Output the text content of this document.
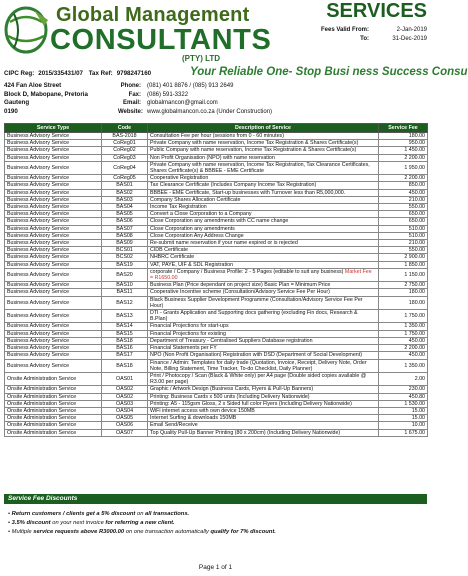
Global Management
CONSULTANTS
(PTY) LTD
SERVICES
Fees Valid From:	2-Jan-2019
To:	31-Dec-2019
CIPC Reg: 2015/335431/07 Tax Ref: 9798247160	Your Reliable One- Stop Busi ness Success Consu
424 Fan Aloe Street
Block D, Mabopane, Pretoria
Gauteng
0190
Phone: (081) 401 8876 / (085) 913 2649
Fax: (086) 591-3322
Email: globalmancon@gmail.com
Website: www.globalmancon.co.za (Under Construction)
Service Type	Code	Description of Service	Service Fee
Business Advisory Service	BAS-2018	Consultation Fee per hour (sessions from 0 - 60 minutes)	180.00
Business Advisory Service	CoReg01	Private Company with name reservation, Income Tax Registration & Shares Certificate(s)	950.00
Business Advisory Service	CoReg02	Public Company with name reservation, Income Tax Registration & Shares Certificate(s)	1 450.00
Business Advisory Service	CoReg03	Non Profit Organisation (NPO) with name reservation	2 200.00
Business Advisory Service	CoReg04	Private Company with name reservation, Income Tax Registration, Tax Clearance Certificates, Shares Certificate(s) & BBBEE - EME Certificate	1 950.00
Business Advisory Service	CoReg05	Cooperative Registration	2 200.00
Business Advisory Service	BAS01	Tax Clearance Certificate (Includes Company Income Tax Registration)	850.00
Business Advisory Service	BAS02	BBBEE - EME Certificate, Start-up businesses with Turnover less than R5,000,000.	450.00
Business Advisory Service	BAS03	Company Shares Allocation Certificate	210.00
Business Advisory Service	BAS04	Income Tax Registration	550.00
Business Advisory Service	BAS05	Convert a Close Corporation to a Company	650.00
Business Advisory Service	BAS06	Close Corporation any amendments with CC name change	650.00
Business Advisory Service	BAS07	Close Corporation any amendments	510.00
Business Advisory Service	BAS08	Close Corporation Any Address Change	510.00
Business Advisory Service	BAS09	Re-submit name reservation if your name expired or is rejected	210.00
Business Advisory Service	BCS01	CIDB Certificate	550.00
Business Advisory Service	BCS02	NHBRC Certificate	2 900.00
Business Advisory Service	BAS19	VAT, PAYE, UIF & SDL Registration	1 850.00
Business Advisory Service	BAS20	corporate / Company / Business Profile: 2 - 5 Pages (editable to suit any business) Market Fee = R1650.00	1 150.00
Business Advisory Service	BAS10	Business Plan (Price dependant on project size) Basic Plan = Minimum Price	2 750.00
Business Advisory Service	BAS11	Cooperative Incentive scheme (Consultation/Advisory Service Fee Per Hour)	180.00
Business Advisory Service	BAS12	Black Business Supplier Development Programme (Consultation/Advisory Service Fee Per Hour)	180.00
Business Advisory Service	BAS13	DTI - Grants Application and Supporting docs gathering (excluding Fin docs, Research & B.Plan)	1 750.00
Business Advisory Service	BAS14	Financial Projections for start-ups	1 350.00
Business Advisory Service	BAS15	Financial Projections for existing	1 750.00
Business Advisory Service	BAS18	Department of Treasury - Centralised Suppliers Database registration	450.00
Business Advisory Service	BAS16	Financial Statements per FY	2 200.00
Business Advisory Service	BAS17	NPO (Non Profit Organisation) Registration with DSD (Department of Social Development)	450.00
Business Advisory Service	BAS18	Finance / Admin: Templates for daily trade (Quotation, Invoice, Receipt, Delivery Note, Order Note, Billing Statement, Time Tracker, To-do Checklist, Daily Planner)	1 350.00
Onsite Administration Service	OAS01	Print / Photocopy / Scan (Black & White only) per A4 page (Double sided copies available @ R3.00 per page)	2.00
Onsite Administration Service	OAS02	Graphic / Artwork Design (Business Cards, Flyers & Pull-Up Banners)	230.00
Onsite Administration Service	OAS02	Printing: Business Cards x 500 units (Including Delivery Nationwide)	450.80
Onsite Administration Service	OAS03	Printing: A5 - 115gsm Gloss, 2 x Sided full color Flyers (Including Delivery Nationwide)	1 530.00
Onsite Administration Service	OAS04	WiFi internet access with own device 150MB	15.00
Onsite Administration Service	OAS05	Internet Surfing & downloads 150MB	15.00
Onsite Administration Service	OAS06	Email Send/Receive	10.00
Onsite Administration Service	OAS07	Top Quality Pull-Up Banner Printing (80 x 200cm) (Including Delivery Nationwide)	1 675.00
Service Fee Discounts
• Return customers / clients get a 5% discount on all transactions.
• 3.5% discount on your next invoice for referring a new client.
• Multiple service requests above R3000.00 on one transaction automatically qualify for 7% discount.
Page 1 of 1
